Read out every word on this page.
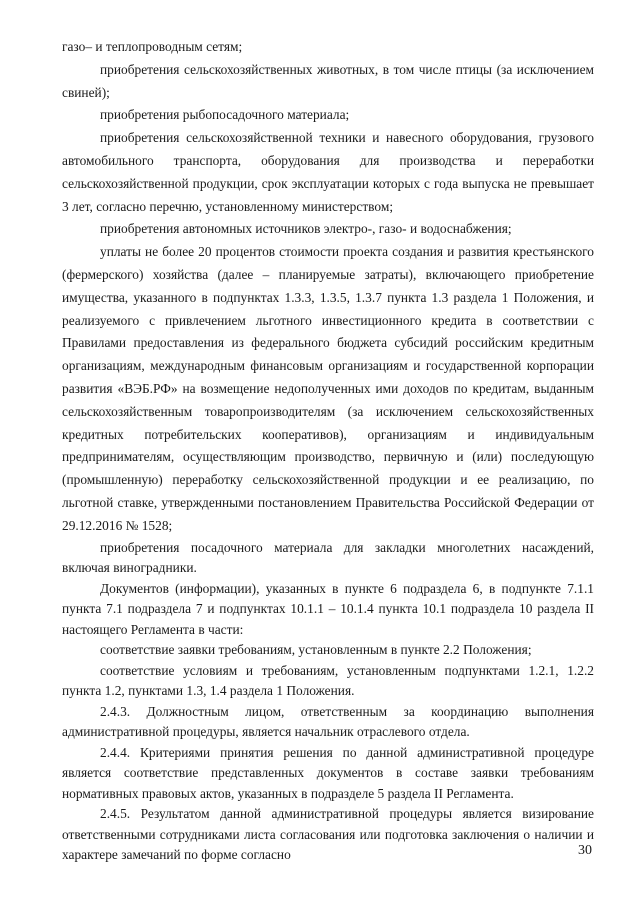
газо– и теплопроводным сетям;

приобретения сельскохозяйственных животных, в том числе птицы (за исключением свиней);

приобретения рыбопосадочного материала;

приобретения сельскохозяйственной техники и навесного оборудования, грузового автомобильного транспорта, оборудования для производства и переработки сельскохозяйственной продукции, срок эксплуатации которых с года выпуска не превышает 3 лет, согласно перечню, установленному министерством;

приобретения автономных источников электро-, газо- и водоснабжения;

уплаты не более 20 процентов стоимости проекта создания и развития крестьянского (фермерского) хозяйства (далее – планируемые затраты), включающего приобретение имущества, указанного в подпунктах 1.3.3, 1.3.5, 1.3.7 пункта 1.3 раздела 1 Положения, и реализуемого с привлечением льготного инвестиционного кредита в соответствии с Правилами предоставления из федерального бюджета субсидий российским кредитным организациям, международным финансовым организациям и государственной корпорации развития «ВЭБ.РФ» на возмещение недополученных ими доходов по кредитам, выданным сельскохозяйственным товаропроизводителям (за исключением сельскохозяйственных кредитных потребительских кооперативов), организациям и индивидуальным предпринимателям, осуществляющим производство, первичную и (или) последующую (промышленную) переработку сельскохозяйственной продукции и ее реализацию, по льготной ставке, утвержденными постановлением Правительства Российской Федерации от 29.12.2016 № 1528;

приобретения посадочного материала для закладки многолетних насаждений, включая виноградники.

Документов (информации), указанных в пункте 6 подраздела 6, в подпункте 7.1.1 пункта 7.1 подраздела 7 и подпунктах 10.1.1 – 10.1.4 пункта 10.1 подраздела 10 раздела II настоящего Регламента в части:

соответствие заявки требованиям, установленным в пункте 2.2 Положения;

соответствие условиям и требованиям, установленным подпунктами 1.2.1, 1.2.2 пункта 1.2, пунктами 1.3, 1.4 раздела 1 Положения.

2.4.3. Должностным лицом, ответственным за координацию выполнения административной процедуры, является начальник отраслевого отдела.

2.4.4. Критериями принятия решения по данной административной процедуре является соответствие представленных документов в составе заявки требованиям нормативных правовых актов, указанных в подразделе 5 раздела II Регламента.

2.4.5. Результатом данной административной процедуры является визирование ответственными сотрудниками листа согласования или подготовка заключения о наличии и характере замечаний по форме согласно	30
